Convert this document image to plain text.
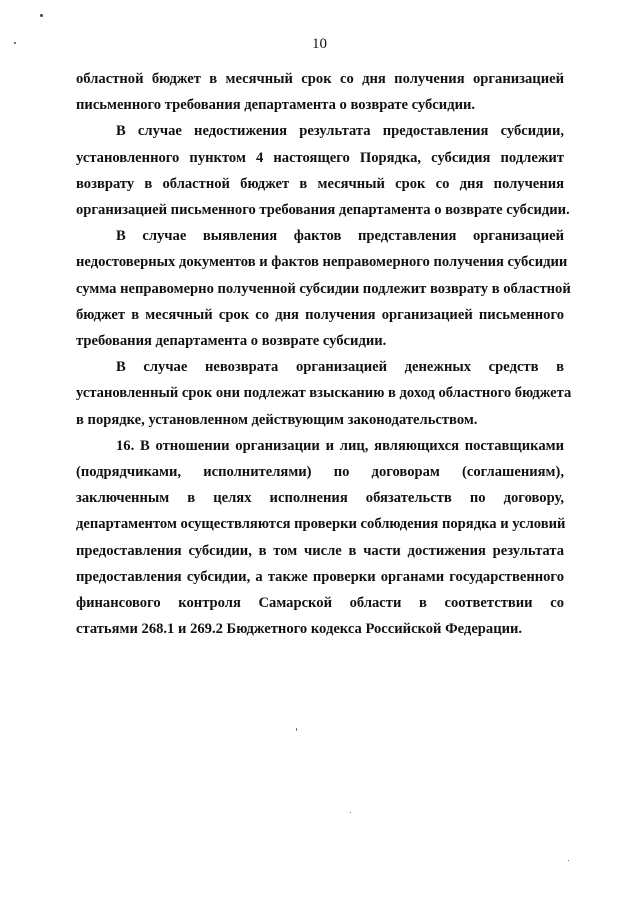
10

областной бюджет в месячный срок со дня получения организацией
письменного требования департамента о возврате субсидии.

В случае недостижения результата предоставления субсидии,
установленного пунктом 4 настоящего Порядка, субсидия подлежит
возврату в областной бюджет в месячный срок со дня получения
организацией письменного требования департамента о возврате субсидии.

В случае выявления фактов представления организацией
недостоверных документов и фактов неправомерного получения субсидии
сумма неправомерно полученной субсидии подлежит возврату в областной
бюджет в месячный срок со дня получения организацией письменного
требования департамента о возврате субсидии.

В случае невозврата организацией денежных средств в
установленный срок они подлежат взысканию в доход областного бюджета
в порядке, установленном действующим законодательством.

16. В отношении организации и лиц, являющихся поставщиками
(подрядчиками, исполнителями) по договорам (соглашениям),
заключенным в целях исполнения обязательств по договору,
департаментом осуществляются проверки соблюдения порядка и условий
предоставления субсидии, в том числе в части достижения результата
предоставления субсидии, а также проверки органами государственного
финансового контроля Самарской области в соответствии со
статьями 268.1 и 269.2 Бюджетного кодекса Российской Федерации.
